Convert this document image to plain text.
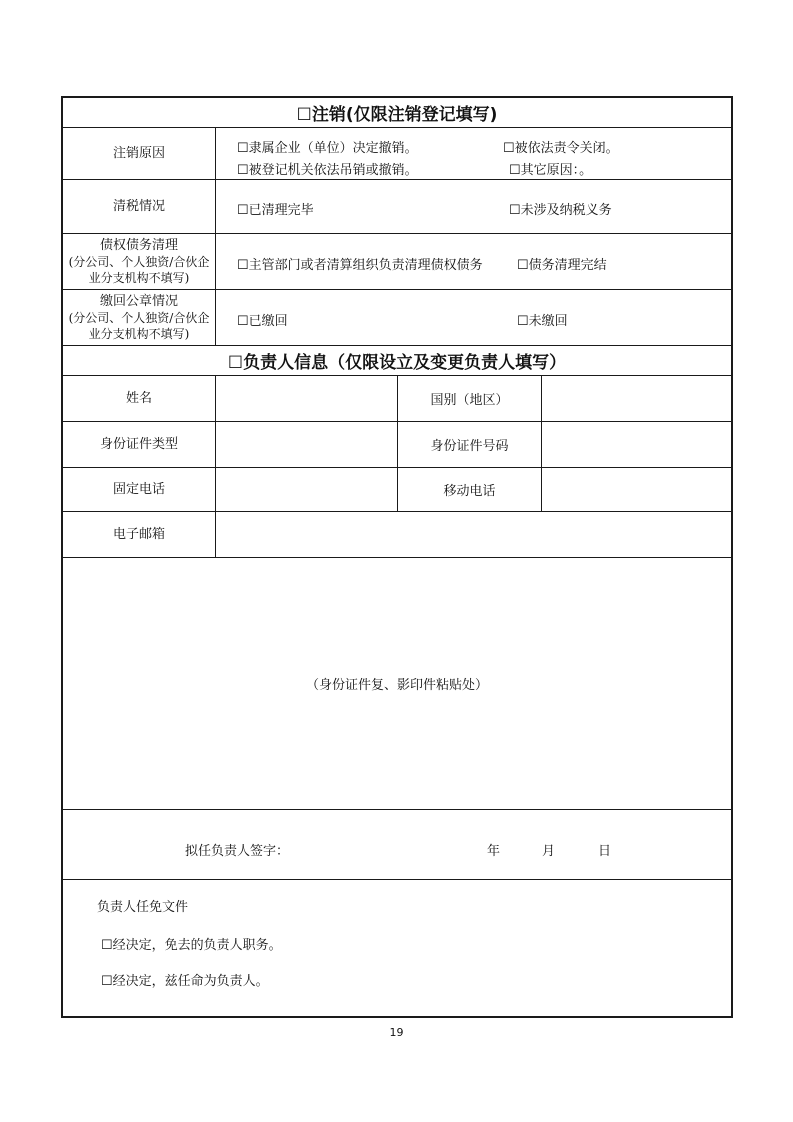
☐注销(仅限注销登记填写)
注销原因	☐隶属企业（单位）决定撤销。	☐被依法责令关闭。
☐被登记机关依法吊销或撤销。	☐其它原因：。
清税情况	☐已清理完毕	☐未涉及纳税义务
债权债务清理
(分公司、个人独资/合伙企
业分支机构不填写)
☐主管部门或者清算组织负责清理债权债务	☐债务清理完结
缴回公章情况
(分公司、个人独资/合伙企
业分支机构不填写)
☐已缴回	☐未缴回
☐负责人信息（仅限设立及变更负责人填写）
姓名	国别（地区）
身份证件类型	身份证件号码
固定电话	移动电话
电子邮箱
（身份证件复、影印件粘贴处）
拟任负责人签字：	年	月	日
负责人任免文件
☐经决定，免去的负责人职务。
☐经决定，兹任命为负责人。
19
